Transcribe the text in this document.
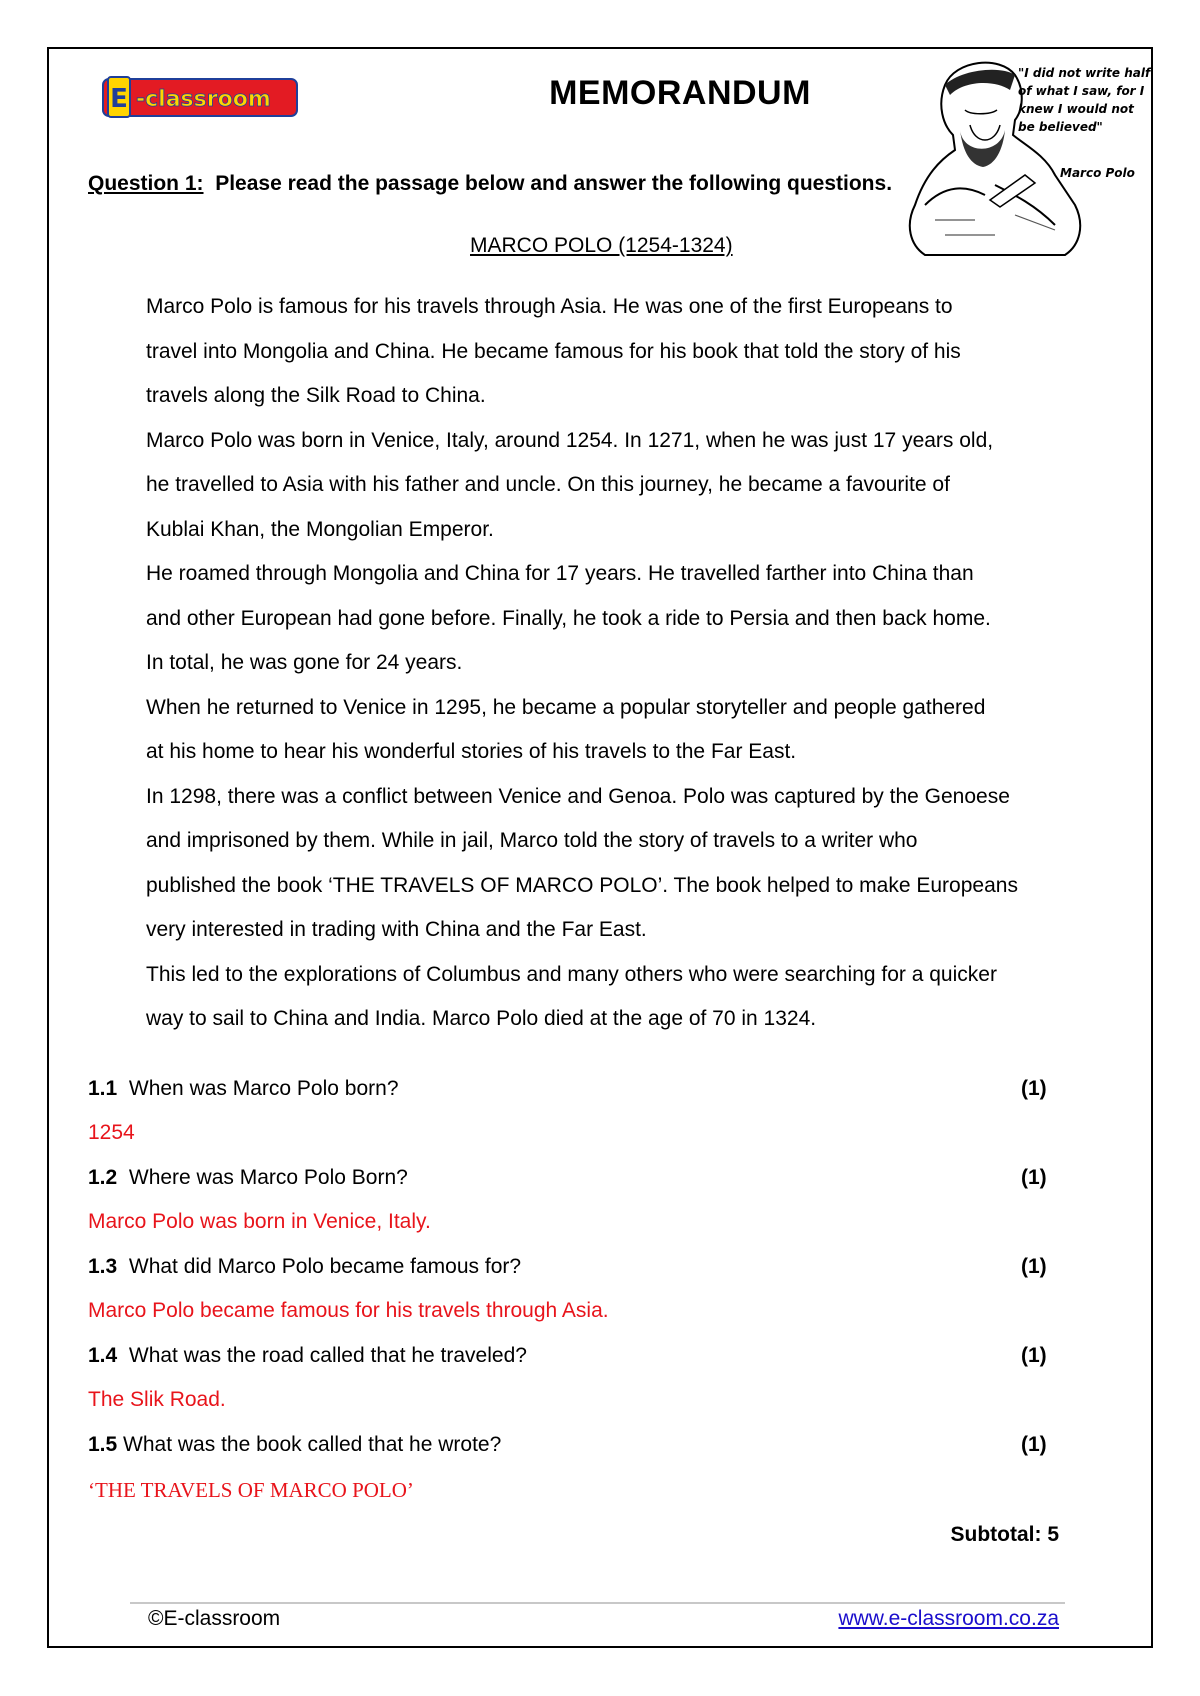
E -classroom	MEMORANDUM
"I did not write half of what I saw, for I knew I would not be believed"
Marco Polo
Question 1: Please read the passage below and answer the following questions.
MARCO POLO (1254-1324)

Marco Polo is famous for his travels through Asia. He was one of the first Europeans to

travel into Mongolia and China. He became famous for his book that told the story of his

travels along the Silk Road to China.

Marco Polo was born in Venice, Italy, around 1254. In 1271, when he was just 17 years old,

he travelled to Asia with his father and uncle. On this journey, he became a favourite of

Kublai Khan, the Mongolian Emperor.

He roamed through Mongolia and China for 17 years. He travelled farther into China than

and other European had gone before. Finally, he took a ride to Persia and then back home.

In total, he was gone for 24 years.

When he returned to Venice in 1295, he became a popular storyteller and people gathered

at his home to hear his wonderful stories of his travels to the Far East.

In 1298, there was a conflict between Venice and Genoa. Polo was captured by the Genoese

and imprisoned by them. While in jail, Marco told the story of travels to a writer who

published the book ‘THE TRAVELS OF MARCO POLO’. The book helped to make Europeans

very interested in trading with China and the Far East.

This led to the explorations of Columbus and many others who were searching for a quicker

way to sail to China and India. Marco Polo died at the age of 70 in 1324.

1.1 When was Marco Polo born?	(1)
1254
1.2 Where was Marco Polo Born?	(1)
Marco Polo was born in Venice, Italy.
1.3 What did Marco Polo became famous for?	(1)
Marco Polo became famous for his travels through Asia.
1.4 What was the road called that he traveled?	(1)
The Slik Road.
1.5 What was the book called that he wrote?	(1)
‘THE TRAVELS OF MARCO POLO’
Subtotal: 5
©E-classroom	www.e-classroom.co.za
